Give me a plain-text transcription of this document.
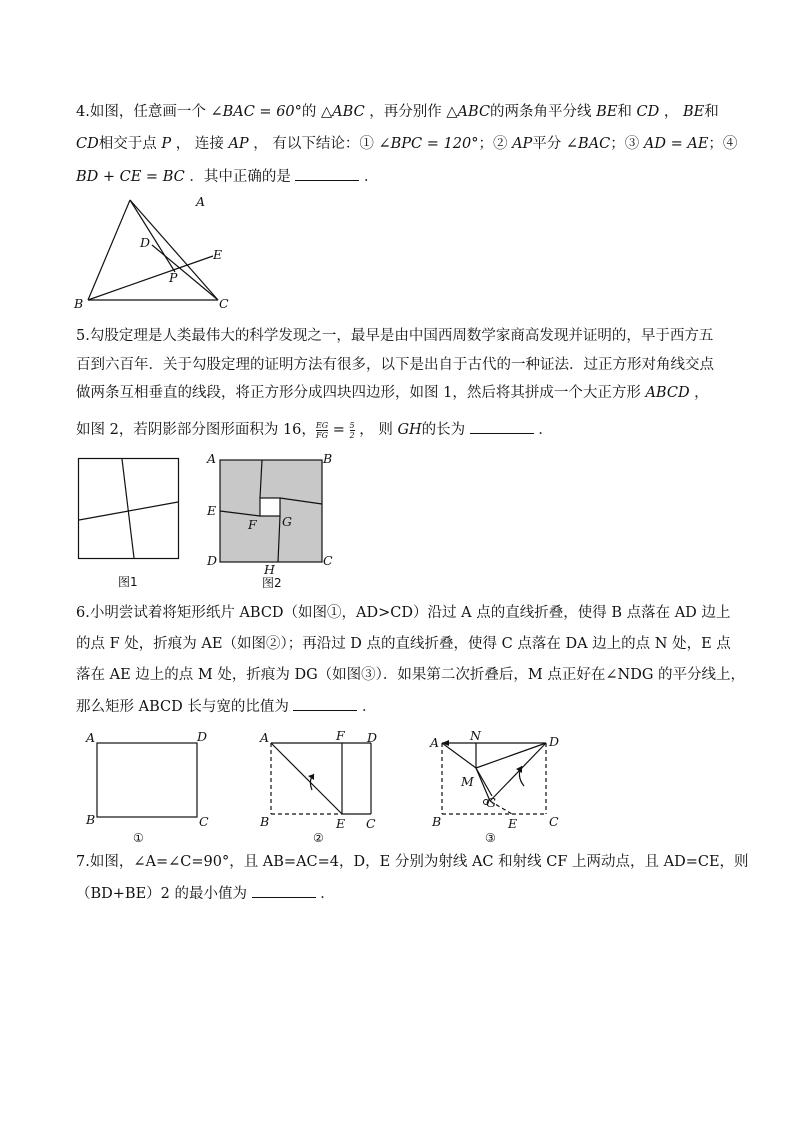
4.如图，任意画一个 ∠BAC = 60°的 △ABC ，再分别作 △ABC的两条角平分线 BE和 CD ， BE和
CD相交于点 P ， 连接 AP ， 有以下结论：① ∠BPC = 120°；② AP平分 ∠BAC；③ AD = AE；④
BD + CE = BC ．其中正确的是	．
A
B	C
D
E
P
5.勾股定理是人类最伟大的科学发现之一，最早是由中国西周数学家商高发现并证明的，早于西方五
百到六百年．关于勾股定理的证明方法有很多，以下是出自于古代的一种证法．过正方形对角线交点
做两条互相垂直的线段，将正方形分成四块四边形，如图 1，然后将其拼成一个大正方形 ABCD ，
如图 2，若阴影部分图形面积为 16， $\frac{EG}{FG} = \frac{5}{2}$ ， 则 GH的长为	．
图1
A	B
D	C
E
F G
H
图2
6.小明尝试着将矩形纸片 ABCD（如图①，AD>CD）沿过 A 点的直线折叠，使得 B 点落在 AD 边上
的点 F 处，折痕为 AE（如图②）；再沿过 D 点的直线折叠，使得 C 点落在 DA 边上的点 N 处，E 点
落在 AE 边上的点 M 处，折痕为 DG（如图③）．如果第二次折叠后，M 点正好在∠NDG 的平分线上，
那么矩形 ABCD 长与宽的比值为	．
A	D
B	C
①
A	F D
B	E C
②
A N	D
M
G
E
B	C
③
7.如图，∠A=∠C=90°，且 AB=AC=4，D，E 分别为射线 AC 和射线 CF 上两动点，且 AD=CE，则
（BD+BE）2 的最小值为	．
